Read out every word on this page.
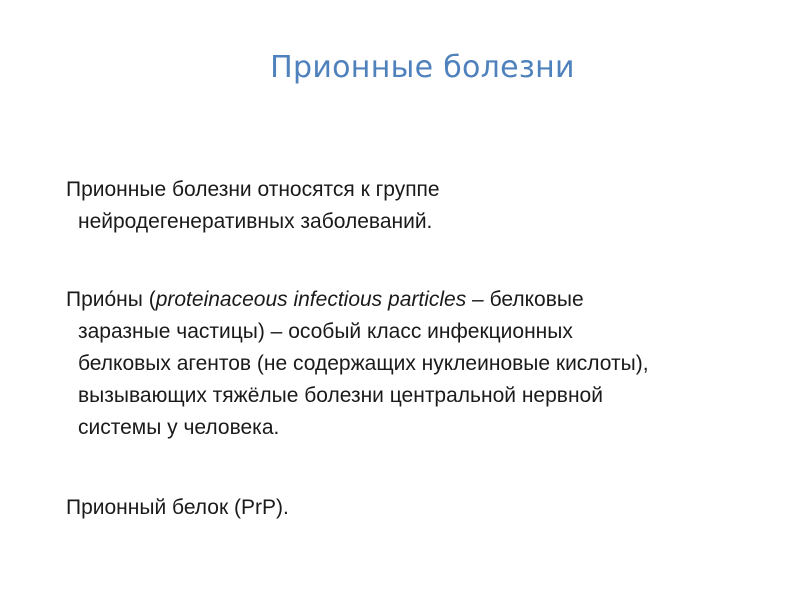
Прионные болезни

Прионные болезни относятся к группе
нейродегенеративных заболеваний.

Прио́ны (proteinaceous infectious particles – белковые
заразные частицы) – особый класс инфекционных
белковых агентов (не содержащих нуклеиновые кислоты),
вызывающих тяжёлые болезни центральной нервной
системы у человека.

Прионный белок (PrP).
